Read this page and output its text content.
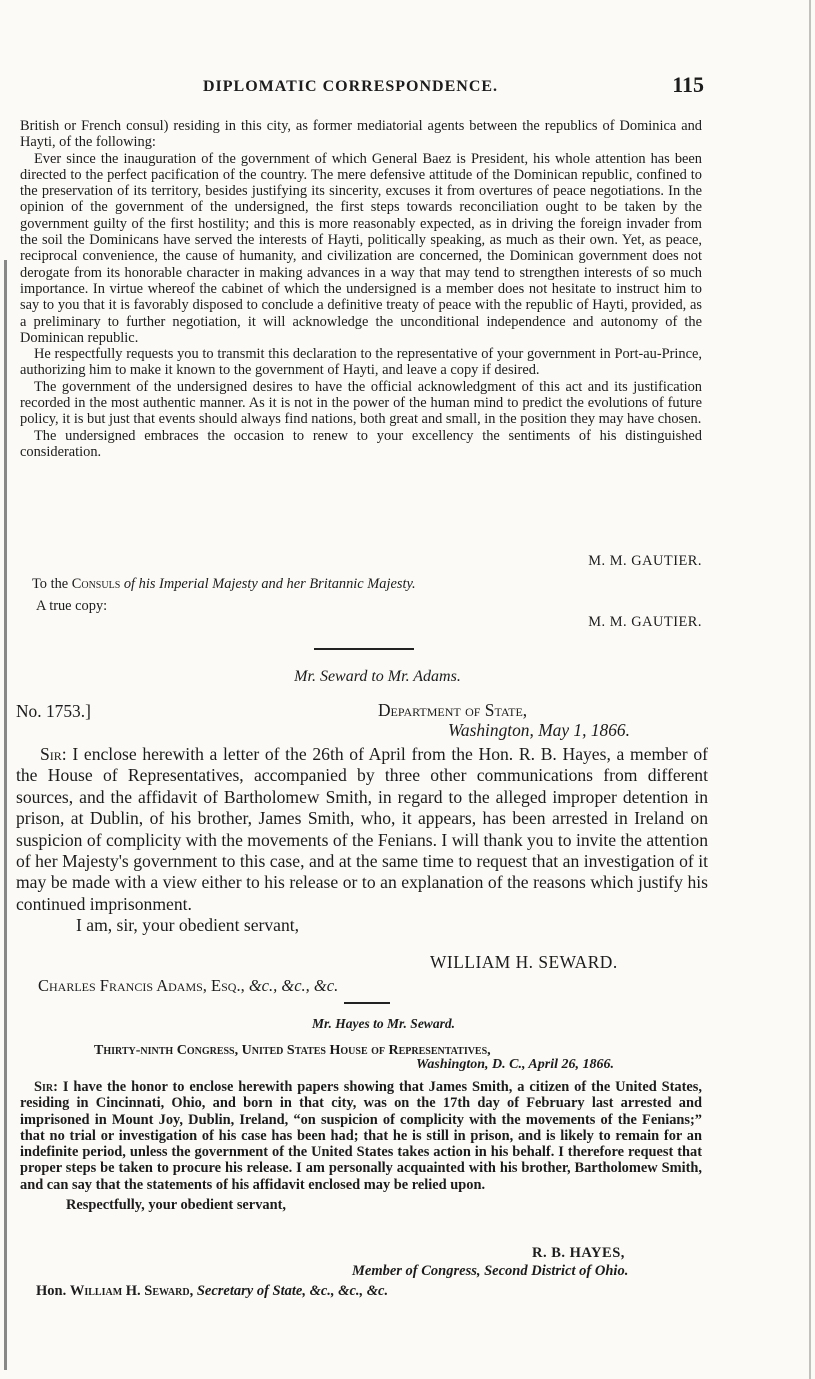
DIPLOMATIC CORRESPONDENCE.	115

British or French consul) residing in this city, as former mediatorial agents between the republics of Dominica and Hayti, of the following:

Ever since the inauguration of the government of which General Baez is President, his whole attention has been directed to the perfect pacification of the country. The mere defensive attitude of the Dominican republic, confined to the preservation of its territory, besides justifying its sincerity, excuses it from overtures of peace negotiations. In the opinion of the government of the undersigned, the first steps towards reconciliation ought to be taken by the government guilty of the first hostility; and this is more reasonably expected, as in driving the foreign invader from the soil the Dominicans have served the interests of Hayti, politically speaking, as much as their own. Yet, as peace, reciprocal convenience, the cause of humanity, and civilization are concerned, the Dominican government does not derogate from its honorable character in making advances in a way that may tend to strengthen interests of so much importance. In virtue whereof the cabinet of which the undersigned is a member does not hesitate to instruct him to say to you that it is favorably disposed to conclude a definitive treaty of peace with the republic of Hayti, provided, as a preliminary to further negotiation, it will acknowledge the unconditional independence and autonomy of the Dominican republic.

He respectfully requests you to transmit this declaration to the representative of your government in Port-au-Prince, authorizing him to make it known to the government of Hayti, and leave a copy if desired.

The government of the undersigned desires to have the official acknowledgment of this act and its justification recorded in the most authentic manner. As it is not in the power of the human mind to predict the evolutions of future policy, it is but just that events should always find nations, both great and small, in the position they may have chosen.

The undersigned embraces the occasion to renew to your excellency the sentiments of his distinguished consideration.

M. M. GAUTIER.
To the Consuls of his Imperial Majesty and her Britannic Majesty.
A true copy:
M. M. GAUTIER.
Mr. Seward to Mr. Adams.
No. 1753.]	Department of State,
Washington, May 1, 1866.

Sir: I enclose herewith a letter of the 26th of April from the Hon. R. B. Hayes, a member of the House of Representatives, accompanied by three other communications from different sources, and the affidavit of Bartholomew Smith, in regard to the alleged improper detention in prison, at Dublin, of his brother, James Smith, who, it appears, has been arrested in Ireland on suspicion of complicity with the movements of the Fenians. I will thank you to invite the attention of her Majesty's government to this case, and at the same time to request that an investigation of it may be made with a view either to his release or to an explanation of the reasons which justify his continued imprisonment.

I am, sir, your obedient servant,

WILLIAM H. SEWARD.
Charles Francis Adams, Esq., &c., &c., &c.
Mr. Hayes to Mr. Seward.
Thirty-ninth Congress, United States House of Representatives,
Washington, D. C., April 26, 1866.

Sir: I have the honor to enclose herewith papers showing that James Smith, a citizen of the United States, residing in Cincinnati, Ohio, and born in that city, was on the 17th day of February last arrested and imprisoned in Mount Joy, Dublin, Ireland, “on suspicion of complicity with the movements of the Fenians;” that no trial or investigation of his case has been had; that he is still in prison, and is likely to remain for an indefinite period, unless the government of the United States takes action in his behalf. I therefore request that proper steps be taken to procure his release. I am personally acquainted with his brother, Bartholomew Smith, and can say that the statements of his affidavit enclosed may be relied upon.

Respectfully, your obedient servant,

R. B. HAYES,
Member of Congress, Second District of Ohio.
Hon. William H. Seward, Secretary of State, &c., &c., &c.
